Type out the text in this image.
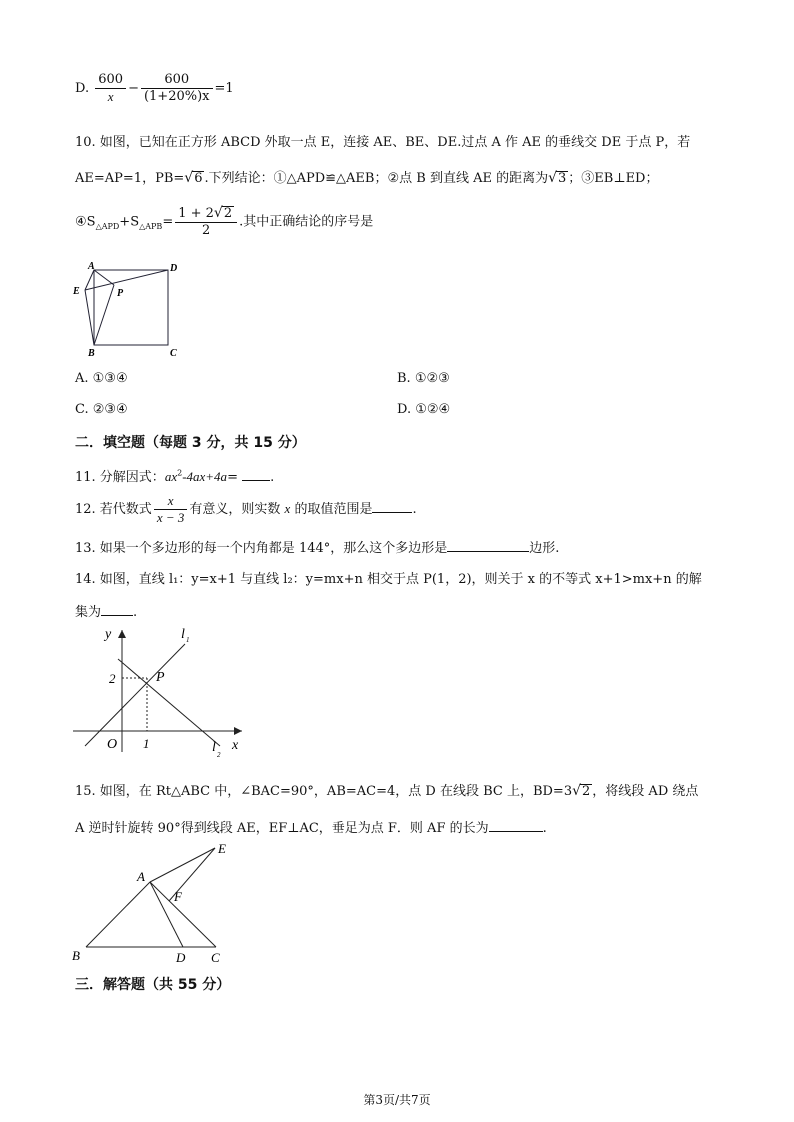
D. $\frac{600}{x} - \frac{600}{(1+20\%)x} =1$
10. 如图，已知在正方形 ABCD 外取一点 E，连接 AE、BE、DE.过点 A 作 AE 的垂线交 DE 于点 P，若
AE=AP=1，PB=√6 .下列结论：①△APD≌△AEB；②点 B 到直线 AE 的距离为√3 ；③EB⊥ED；
$④S_{\triangle APD}+S_{\triangle APB}= \frac{1 + 2√2}{2}$ .其中正确结论的序号是
A	D
E	P
B	C
A. ①③④	B. ①②③
C. ②③④	D. ①②④
二．填空题（每题 3 分，共 15 分）
11. 分解因式：$ax^2-4ax+4a=$ .
12. 若代数式 $\frac{x}{x - 3}$ 有意义，则实数 x 的取值范围是	.
13. 如果一个多边形的每一个内角都是 144°，那么这个多边形是	边形.
14. 如图，直线 l₁：y=x+1 与直线 l₂：y=mx+n 相交于点 P(1，2)，则关于 x 的不等式 x+1>mx+n 的解
集为 .
y
x
O
2
1
P
l 1
l 2
15. 如图，在 Rt△ABC 中，∠BAC=90°，AB=AC=4，点 D 在线段 BC 上，BD=3√2 ，将线段 AD 绕点
A 逆时针旋转 90°得到线段 AE，EF⊥AC，垂足为点 F．则 AF 的长为	.
A
E
F
B	D C
三．解答题（共 55 分）
第3页/共7页
